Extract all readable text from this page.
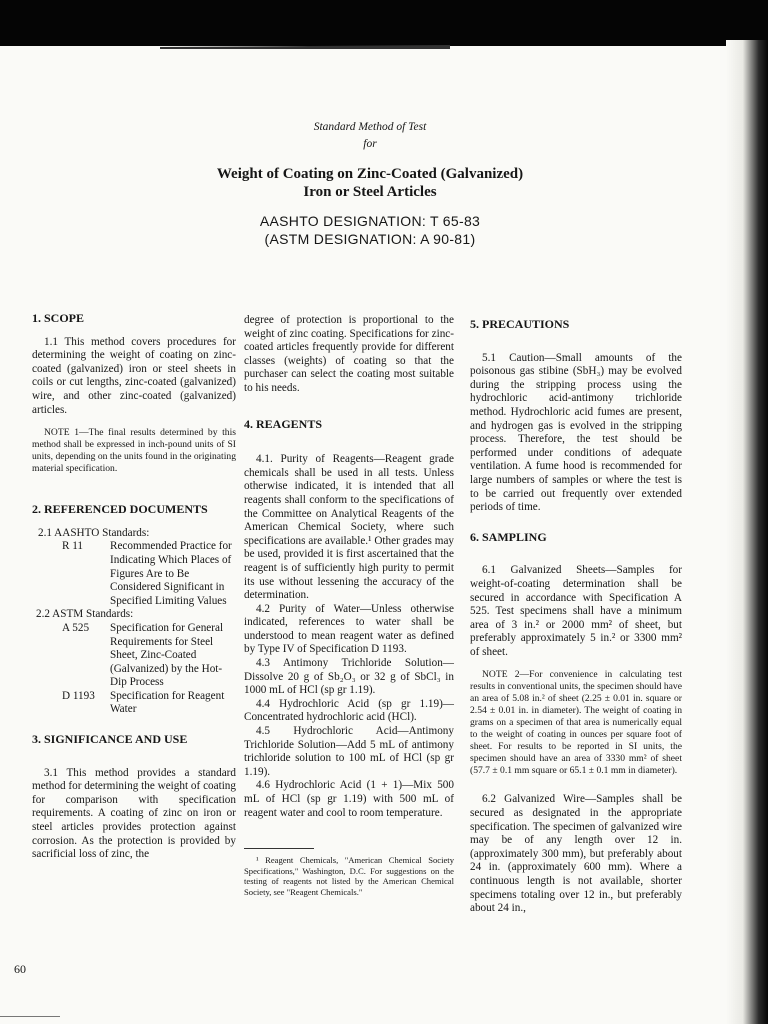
Standard Method of Test
for
Weight of Coating on Zinc-Coated (Galvanized)
Iron or Steel Articles
AASHTO DESIGNATION: T 65-83
(ASTM DESIGNATION: A 90-81)
1. SCOPE

1.1 This method covers procedures for determining the weight of coating on zinc-coated (galvanized) iron or steel sheets in coils or cut lengths, zinc-coated (galvanized) wire, and other zinc-coated (galvanized) articles.

NOTE 1—The final results determined by this method shall be expressed in inch-pound units of SI units, depending on the units found in the originating material specification.

2. REFERENCED DOCUMENTS
2.1 AASHTO Standards:
R 11	Recommended Practice for Indicating Which Places of Figures Are to Be Considered Significant in Specified Limiting Values
2.2 ASTM Standards:
A 525	Specification for General Requirements for Steel Sheet, Zinc-Coated (Galvanized) by the Hot-Dip Process
D 1193	Specification for Reagent Water
3. SIGNIFICANCE AND USE

3.1 This method provides a standard method for determining the weight of coating for comparison with specification requirements. A coating of zinc on iron or steel articles provides protection against corrosion. As the protection is provided by sacrificial loss of zinc, the

degree of protection is proportional to the weight of zinc coating. Specifications for zinc-coated articles frequently provide for different classes (weights) of coating so that the purchaser can select the coating most suitable to his needs.

4. REAGENTS

4.1. Purity of Reagents—Reagent grade chemicals shall be used in all tests. Unless otherwise indicated, it is intended that all reagents shall conform to the specifications of the Committee on Analytical Reagents of the American Chemical Society, where such specifications are available.¹ Other grades may be used, provided it is first ascertained that the reagent is of sufficiently high purity to permit its use without lessening the accuracy of the determination.

4.2 Purity of Water—Unless otherwise indicated, references to water shall be understood to mean reagent water as defined by Type IV of Specification D 1193.

4.3 Antimony Trichloride Solution—Dissolve 20 g of Sb₂O₃ or 32 g of SbCl₃ in 1000 mL of HCl (sp gr 1.19).

4.4 Hydrochloric Acid (sp gr 1.19)—Concentrated hydrochloric acid (HCl).

4.5 Hydrochloric Acid—Antimony Trichloride Solution—Add 5 mL of antimony trichloride solution to 100 mL of HCl (sp gr 1.19).

4.6 Hydrochloric Acid (1 + 1)—Mix 500 mL of HCl (sp gr 1.19) with 500 mL of reagent water and cool to room temperature.

¹ Reagent Chemicals, "American Chemical Society Specifications," Washington, D.C. For suggestions on the testing of reagents not listed by the American Chemical Society, see "Reagent Chemicals."

5. PRECAUTIONS

5.1 Caution—Small amounts of the poisonous gas stibine (SbH₃) may be evolved during the stripping process using the hydrochloric acid-antimony trichloride method. Hydrochloric acid fumes are present, and hydrogen gas is evolved in the stripping process. Therefore, the test should be performed under conditions of adequate ventilation. A fume hood is recommended for large numbers of samples or where the test is to be carried out frequently over extended periods of time.

6. SAMPLING

6.1 Galvanized Sheets—Samples for weight-of-coating determination shall be secured in accordance with Specification A 525. Test specimens shall have a minimum area of 3 in.² or 2000 mm² of sheet, but preferably approximately 5 in.² or 3300 mm² of sheet.

NOTE 2—For convenience in calculating test results in conventional units, the specimen should have an area of 5.08 in.² of sheet (2.25 ± 0.01 in. square or 2.54 ± 0.01 in. in diameter). The weight of coating in grams on a specimen of that area is numerically equal to the weight of coating in ounces per square foot of sheet. For results to be reported in SI units, the specimen should have an area of 3330 mm² of sheet (57.7 ± 0.1 mm square or 65.1 ± 0.1 mm in diameter).

6.2 Galvanized Wire—Samples shall be secured as designated in the appropriate specification. The specimen of galvanized wire may be of any length over 12 in. (approximately 300 mm), but preferably about 24 in. (approximately 600 mm). Where a continuous length is not available, shorter specimens totaling over 12 in., but preferably about 24 in.,

60
